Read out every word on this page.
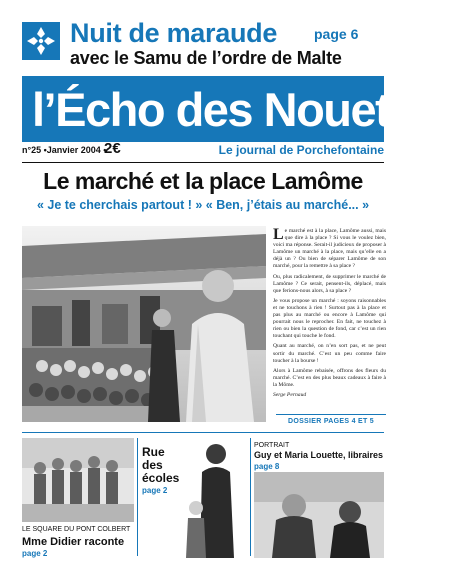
Nuit de maraude	page 6
avec le Samu de l’ordre de Malte
l’Écho des Nouettes
n°25 •Janvier 2004 •
2€	Le journal de Porchefontaine
Le marché et la place Lamôme
« Je te cherchais partout ! » « Ben, j’étais au marché... »

Le marché est à la place, Lamôme aussi, mais que dire à la place ? Si vous le voulez bien, voici ma réponse. Serait-il judicieux de proposer à Lamôme un marché à la place, mais qu’elle en a déjà un ? Ou bien de séparer Lamôme de son marché, pour la remettre à sa place ?

Ou, plus radicalement, de supprimer le marché de Lamôme ? Ce serait, pensent-ils, déplacé, mais que ferions-nous alors, à sa place ?

Je vous propose un marché : soyons raisonnables et ne touchons à rien ! Surtout pas à la place et pas plus au marché ou encore à Lamôme qui pourrait nous le reprocher. En fait, ne touchez à rien ou bien la question de fond, car c’est un rien touchant qui touche le fond.

Quant au marché, on n’en sort pas, et ne peut sortir du marché. C’est un peu comme faire toucher à la bourse !

Alors à Lamôme rebaisée, offrons des fleurs du marché. C’est en des plus beaux cadeaux à faire à la Môme.

Serge Pernaud

DOSSIER PAGES 4 ET 5
LE SQUARE DU PONT COLBERT
Mme Didier raconte
page 2
Rue des écoles
page 2
PORTRAIT
Guy et Maria Louette, libraires
page 8
